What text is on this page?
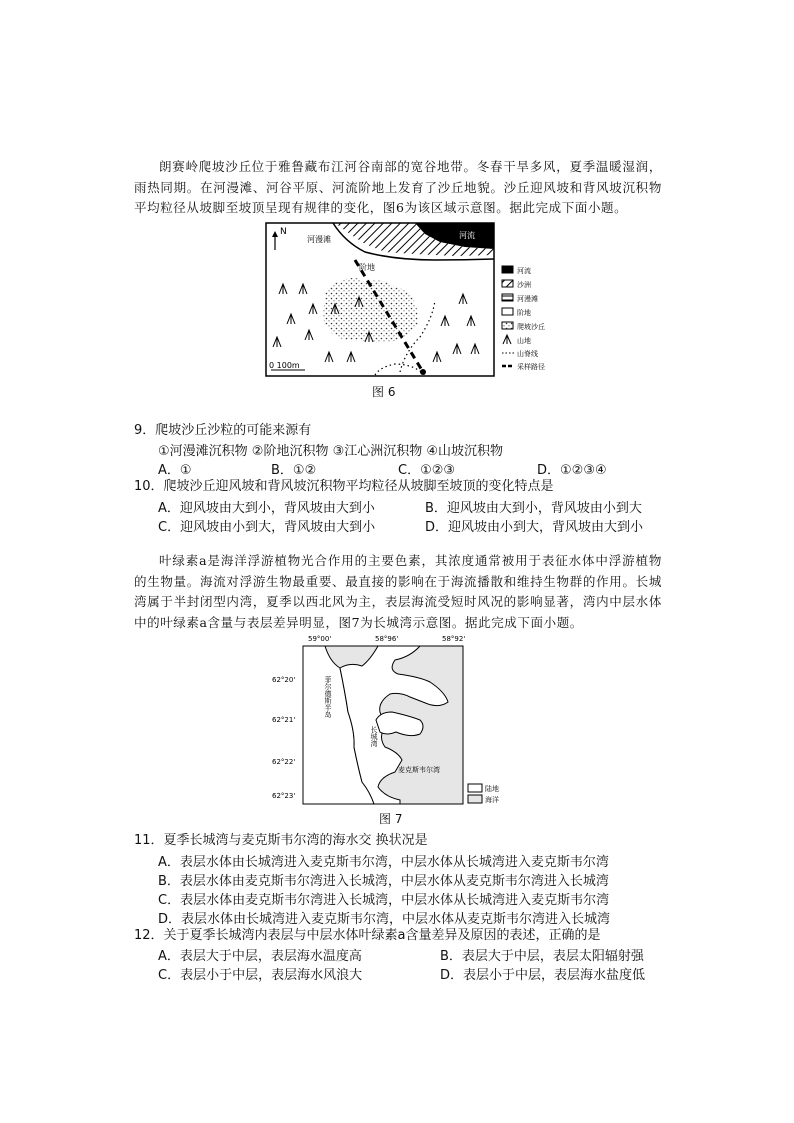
朗赛岭爬坡沙丘位于雅鲁藏布江河谷南部的宽谷地带。冬春干旱多风，夏季温暖湿润，雨热同期。在河漫滩、河谷平原、河流阶地上发育了沙丘地貌。沙丘迎风坡和背风坡沉积物平均粒径从坡脚至坡顶呈现有规律的变化，图6为该区域示意图。据此完成下面小题。

N
河漫滩	河流
阶地
0 100m
河流
沙洲
河漫滩
阶地
爬坡沙丘
山地
山脊线
采样路径
图 6
9．爬坡沙丘沙粒的可能来源有
①河漫滩沉积物 ②阶地沉积物 ③江心洲沉积物 ④山坡沉积物
A．①	B．①②	C．①②③	D．①②③④
10．爬坡沙丘迎风坡和背风坡沉积物平均粒径从坡脚至坡顶的变化特点是
A．迎风坡由大到小，背风坡由大到小	B．迎风坡由大到小，背风坡由小到大
C．迎风坡由小到大，背风坡由大到小	D．迎风坡由小到大，背风坡由大到小

叶绿素a是海洋浮游植物光合作用的主要色素，其浓度通常被用于表征水体中浮游植物的生物量。海流对浮游生物最重要、最直接的影响在于海流播散和维持生物群的作用。长城湾属于半封闭型内湾，夏季以西北风为主，表层海流受短时风况的影响显著，湾内中层水体中的叶绿素a含量与表层差异明显，图7为长城湾示意图。据此完成下面小题。

59°00'	58°96'	58°92'
62°20'
62°21'
62°22'
62°23'
菲尔德斯半岛
长城湾
麦克斯韦尔湾
陆地
海洋
图 7
11．夏季长城湾与麦克斯韦尔湾的海水交 换状况是
A．表层水体由长城湾进入麦克斯韦尔湾，中层水体从长城湾进入麦克斯韦尔湾
B．表层水体由麦克斯韦尔湾进入长城湾，中层水体从麦克斯韦尔湾进入长城湾
C．表层水体由麦克斯韦尔湾进入长城湾，中层水体从长城湾进入麦克斯韦尔湾
D．表层水体由长城湾进入麦克斯韦尔湾，中层水体从麦克斯韦尔湾进入长城湾
12．关于夏季长城湾内表层与中层水体叶绿素a含量差异及原因的表述，正确的是
A．表层大于中层，表层海水温度高	B．表层大于中层，表层太阳辐射强
C．表层小于中层，表层海水风浪大	D．表层小于中层，表层海水盐度低
